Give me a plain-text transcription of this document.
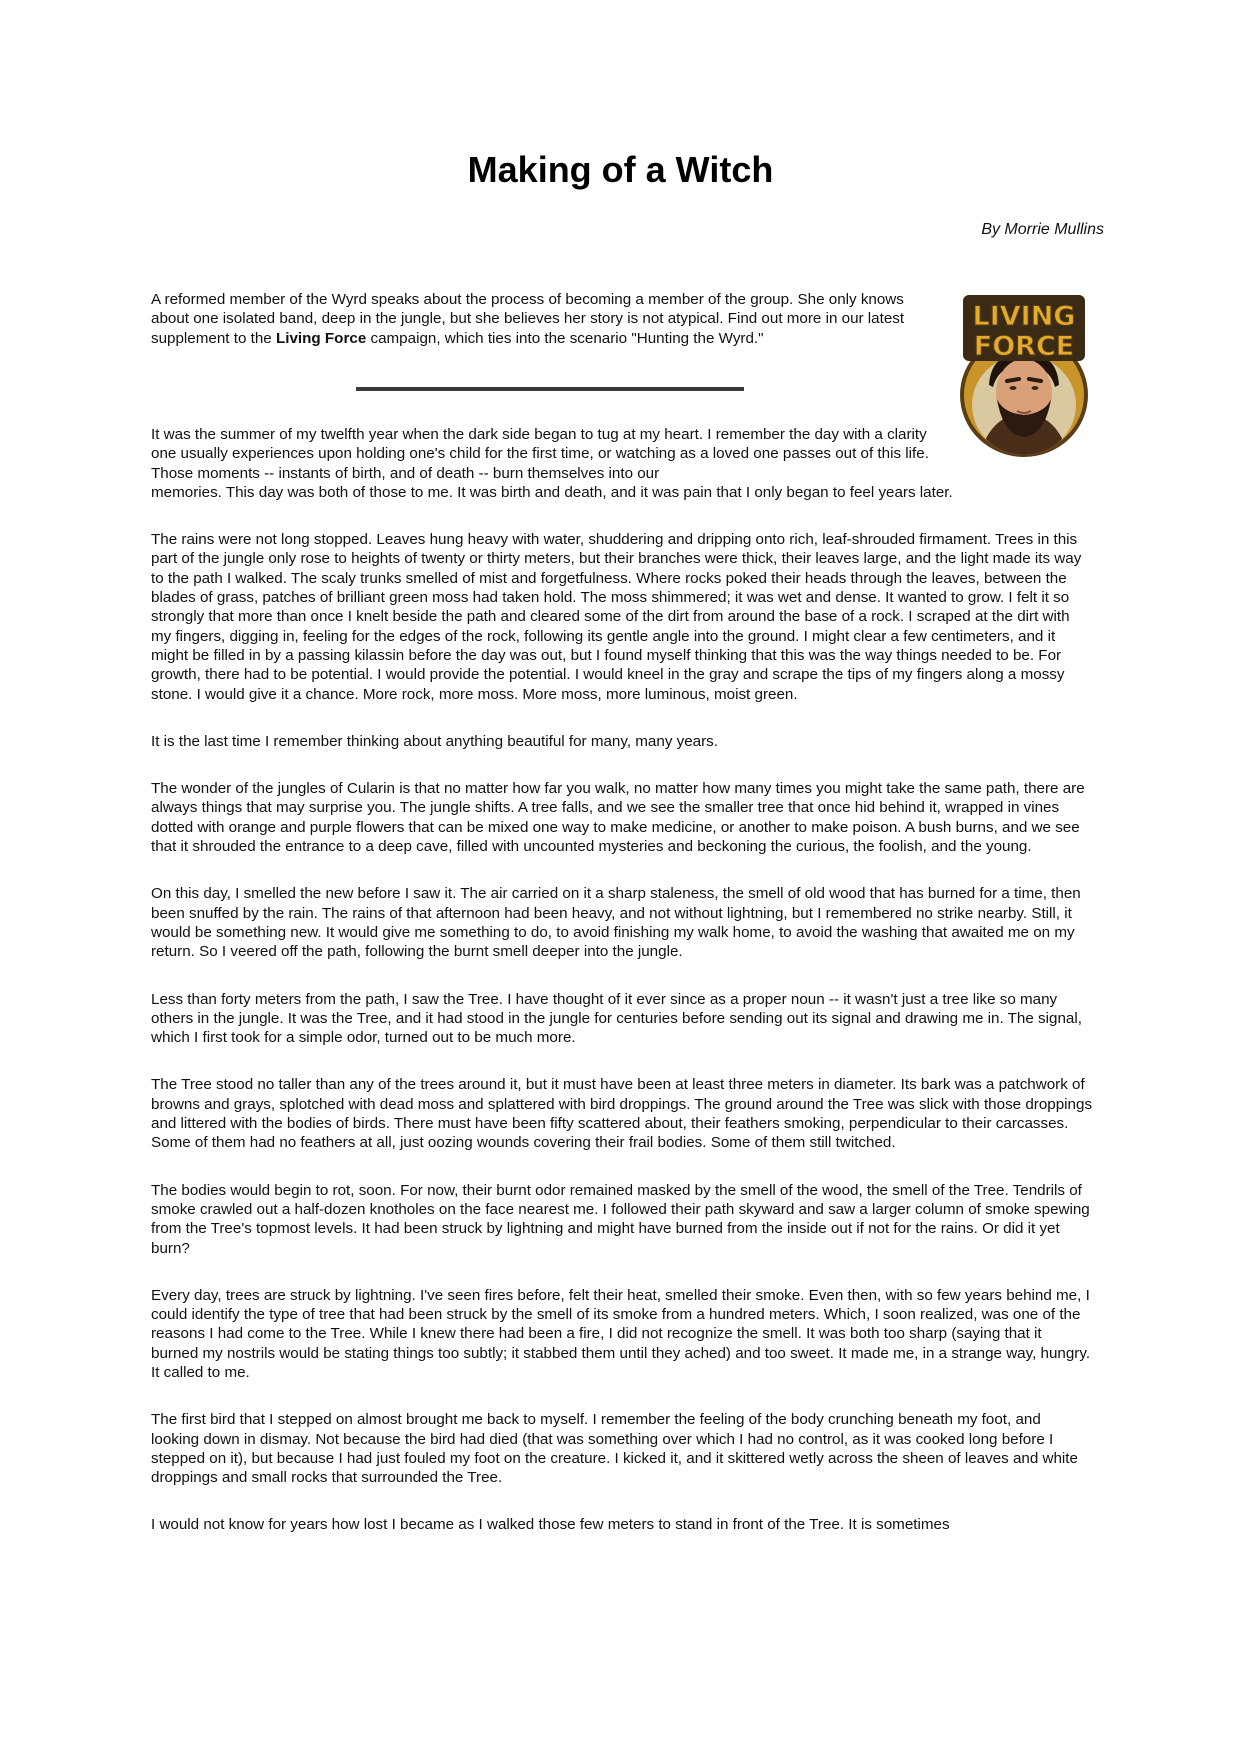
Making of a Witch

By Morrie Mullins

A reformed member of the Wyrd speaks about the process of becoming a member of the group. She only knows about one isolated band, deep in the jungle, but she believes her story is not atypical. Find out more in our latest supplement to the Living Force campaign, which ties into the scenario "Hunting the Wyrd."

LIVING
FORCE

It was the summer of my twelfth year when the dark side began to tug at my heart. I remember the day with a clarity one usually experiences upon holding one's child for the first time, or watching as a loved one passes out of this life. Those moments -- instants of birth, and of death -- burn themselves into our
memories. This day was both of those to me. It was birth and death, and it was pain that I only began to feel years later.

The rains were not long stopped. Leaves hung heavy with water, shuddering and dripping onto rich, leaf-shrouded firmament. Trees in this part of the jungle only rose to heights of twenty or thirty meters, but their branches were thick, their leaves large, and the light made its way to the path I walked. The scaly trunks smelled of mist and forgetfulness. Where rocks poked their heads through the leaves, between the blades of grass, patches of brilliant green moss had taken hold. The moss shimmered; it was wet and dense. It wanted to grow. I felt it so strongly that more than once I knelt beside the path and cleared some of the dirt from around the base of a rock. I scraped at the dirt with my fingers, digging in, feeling for the edges of the rock, following its gentle angle into the ground. I might clear a few centimeters, and it might be filled in by a passing kilassin before the day was out, but I found myself thinking that this was the way things needed to be. For growth, there had to be potential. I would provide the potential. I would kneel in the gray and scrape the tips of my fingers along a mossy stone. I would give it a chance. More rock, more moss. More moss, more luminous, moist green.

It is the last time I remember thinking about anything beautiful for many, many years.

The wonder of the jungles of Cularin is that no matter how far you walk, no matter how many times you might take the same path, there are always things that may surprise you. The jungle shifts. A tree falls, and we see the smaller tree that once hid behind it, wrapped in vines dotted with orange and purple flowers that can be mixed one way to make medicine, or another to make poison. A bush burns, and we see that it shrouded the entrance to a deep cave, filled with uncounted mysteries and beckoning the curious, the foolish, and the young.

On this day, I smelled the new before I saw it. The air carried on it a sharp staleness, the smell of old wood that has burned for a time, then been snuffed by the rain. The rains of that afternoon had been heavy, and not without lightning, but I remembered no strike nearby. Still, it would be something new. It would give me something to do, to avoid finishing my walk home, to avoid the washing that awaited me on my return. So I veered off the path, following the burnt smell deeper into the jungle.

Less than forty meters from the path, I saw the Tree. I have thought of it ever since as a proper noun -- it wasn't just a tree like so many others in the jungle. It was the Tree, and it had stood in the jungle for centuries before sending out its signal and drawing me in. The signal, which I first took for a simple odor, turned out to be much more.

The Tree stood no taller than any of the trees around it, but it must have been at least three meters in diameter. Its bark was a patchwork of browns and grays, splotched with dead moss and splattered with bird droppings. The ground around the Tree was slick with those droppings and littered with the bodies of birds. There must have been fifty scattered about, their feathers smoking, perpendicular to their carcasses. Some of them had no feathers at all, just oozing wounds covering their frail bodies. Some of them still twitched.

The bodies would begin to rot, soon. For now, their burnt odor remained masked by the smell of the wood, the smell of the Tree. Tendrils of smoke crawled out a half-dozen knotholes on the face nearest me. I followed their path skyward and saw a larger column of smoke spewing from the Tree's topmost levels. It had been struck by lightning and might have burned from the inside out if not for the rains. Or did it yet burn?

Every day, trees are struck by lightning. I've seen fires before, felt their heat, smelled their smoke. Even then, with so few years behind me, I could identify the type of tree that had been struck by the smell of its smoke from a hundred meters. Which, I soon realized, was one of the reasons I had come to the Tree. While I knew there had been a fire, I did not recognize the smell. It was both too sharp (saying that it burned my nostrils would be stating things too subtly; it stabbed them until they ached) and too sweet. It made me, in a strange way, hungry. It called to me.

The first bird that I stepped on almost brought me back to myself. I remember the feeling of the body crunching beneath my foot, and looking down in dismay. Not because the bird had died (that was something over which I had no control, as it was cooked long before I stepped on it), but because I had just fouled my foot on the creature. I kicked it, and it skittered wetly across the sheen of leaves and white droppings and small rocks that surrounded the Tree.

I would not know for years how lost I became as I walked those few meters to stand in front of the Tree. It is sometimes
